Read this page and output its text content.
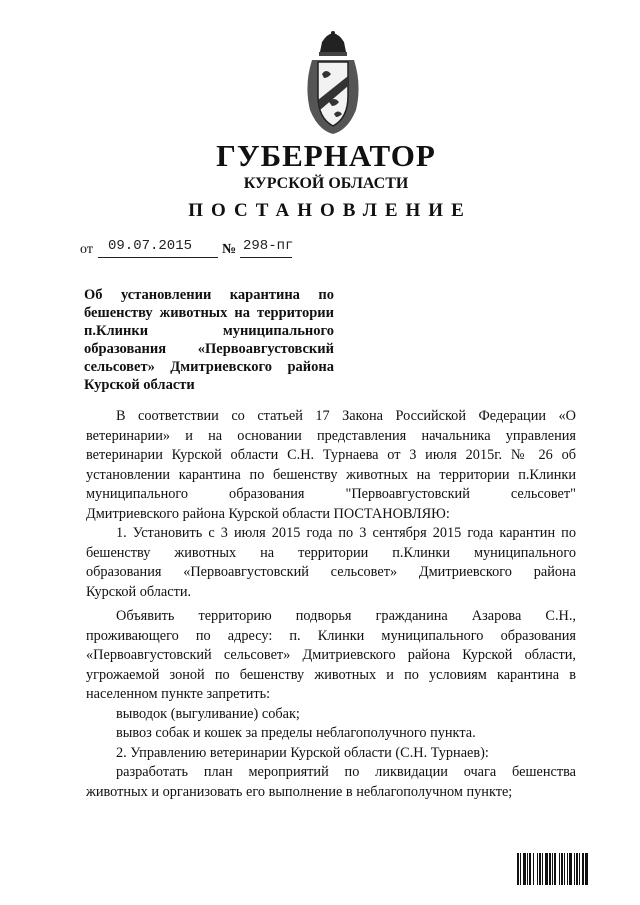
ГУБЕРНАТОР
КУРСКОЙ ОБЛАСТИ
ПОСТАНОВЛЕНИЕ
от 09.07.2015 № 298-пг
Об установлении карантина по
бешенству животных на территории
п.Клинки муниципального
образования «Первоавгустовский
сельсовет» Дмитриевского района
Курской области
В соответствии со статьей 17 Закона Российской Федерации «О
ветеринарии» и на основании представления начальника управления
ветеринарии Курской области С.Н. Турнаева от 3 июля 2015г. № 26 об
установлении карантина по бешенству животных на территории п.Клинки
муниципального образования "Первоавгустовский сельсовет"
Дмитриевского района Курской области ПОСТАНОВЛЯЮ:
1. Установить с 3 июля 2015 года по 3 сентября 2015 года карантин по
бешенству животных на территории п.Клинки муниципального
образования «Первоавгустовский сельсовет» Дмитриевского района
Курской области.
Объявить территорию подворья гражданина Азарова С.Н.,
проживающего по адресу: п. Клинки муниципального образования
«Первоавгустовский сельсовет» Дмитриевского района Курской области,
угрожаемой зоной по бешенству животных и по условиям карантина в
населенном пункте запретить:
выводок (выгуливание) собак;
вывоз собак и кошек за пределы неблагополучного пункта.
2. Управлению ветеринарии Курской области (С.Н. Турнаев):
разработать план мероприятий по ликвидации очага бешенства
животных и организовать его выполнение в неблагополучном пункте;
